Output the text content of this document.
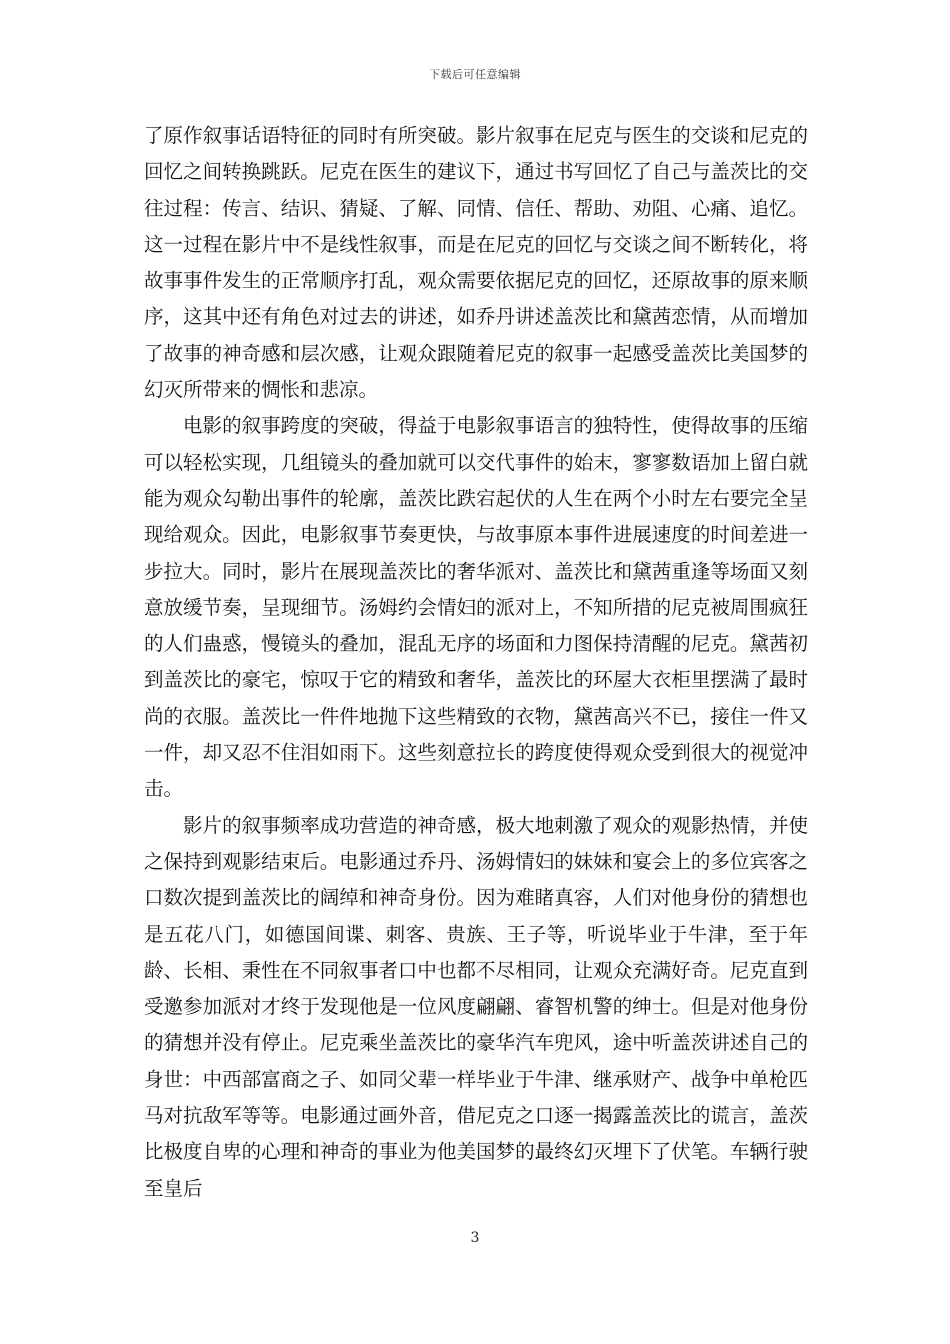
下载后可任意编辑

了原作叙事话语特征的同时有所突破。影片叙事在尼克与医生的交谈和尼克的回忆之间转换跳跃。尼克在医生的建议下，通过书写回忆了自己与盖茨比的交往过程：传言、结识、猜疑、了解、同情、信任、帮助、劝阻、心痛、追忆。这一过程在影片中不是线性叙事，而是在尼克的回忆与交谈之间不断转化，将故事事件发生的正常顺序打乱，观众需要依据尼克的回忆，还原故事的原来顺序，这其中还有角色对过去的讲述，如乔丹讲述盖茨比和黛茜恋情，从而增加了故事的神奇感和层次感，让观众跟随着尼克的叙事一起感受盖茨比美国梦的幻灭所带来的惆怅和悲凉。

电影的叙事跨度的突破，得益于电影叙事语言的独特性，使得故事的压缩可以轻松实现，几组镜头的叠加就可以交代事件的始末，寥寥数语加上留白就能为观众勾勒出事件的轮廓，盖茨比跌宕起伏的人生在两个小时左右要完全呈现给观众。因此，电影叙事节奏更快，与故事原本事件进展速度的时间差进一步拉大。同时，影片在展现盖茨比的奢华派对、盖茨比和黛茜重逢等场面又刻意放缓节奏，呈现细节。汤姆约会情妇的派对上，不知所措的尼克被周围疯狂的人们蛊惑，慢镜头的叠加，混乱无序的场面和力图保持清醒的尼克。黛茜初到盖茨比的豪宅，惊叹于它的精致和奢华，盖茨比的环屋大衣柜里摆满了最时尚的衣服。盖茨比一件件地抛下这些精致的衣物，黛茜高兴不已，接住一件又一件，却又忍不住泪如雨下。这些刻意拉长的跨度使得观众受到很大的视觉冲击。

影片的叙事频率成功营造的神奇感，极大地刺激了观众的观影热情，并使之保持到观影结束后。电影通过乔丹、汤姆情妇的妹妹和宴会上的多位宾客之口数次提到盖茨比的阔绰和神奇身份。因为难睹真容，人们对他身份的猜想也是五花八门，如德国间谍、刺客、贵族、王子等，听说毕业于牛津，至于年龄、长相、秉性在不同叙事者口中也都不尽相同，让观众充满好奇。尼克直到受邀参加派对才终于发现他是一位风度翩翩、睿智机警的绅士。但是对他身份的猜想并没有停止。尼克乘坐盖茨比的豪华汽车兜风，途中听盖茨讲述自己的身世：中西部富商之子、如同父辈一样毕业于牛津、继承财产、战争中单枪匹马对抗敌军等等。电影通过画外音，借尼克之口逐一揭露盖茨比的谎言，盖茨比极度自卑的心理和神奇的事业为他美国梦的最终幻灭埋下了伏笔。车辆行驶至皇后

3
